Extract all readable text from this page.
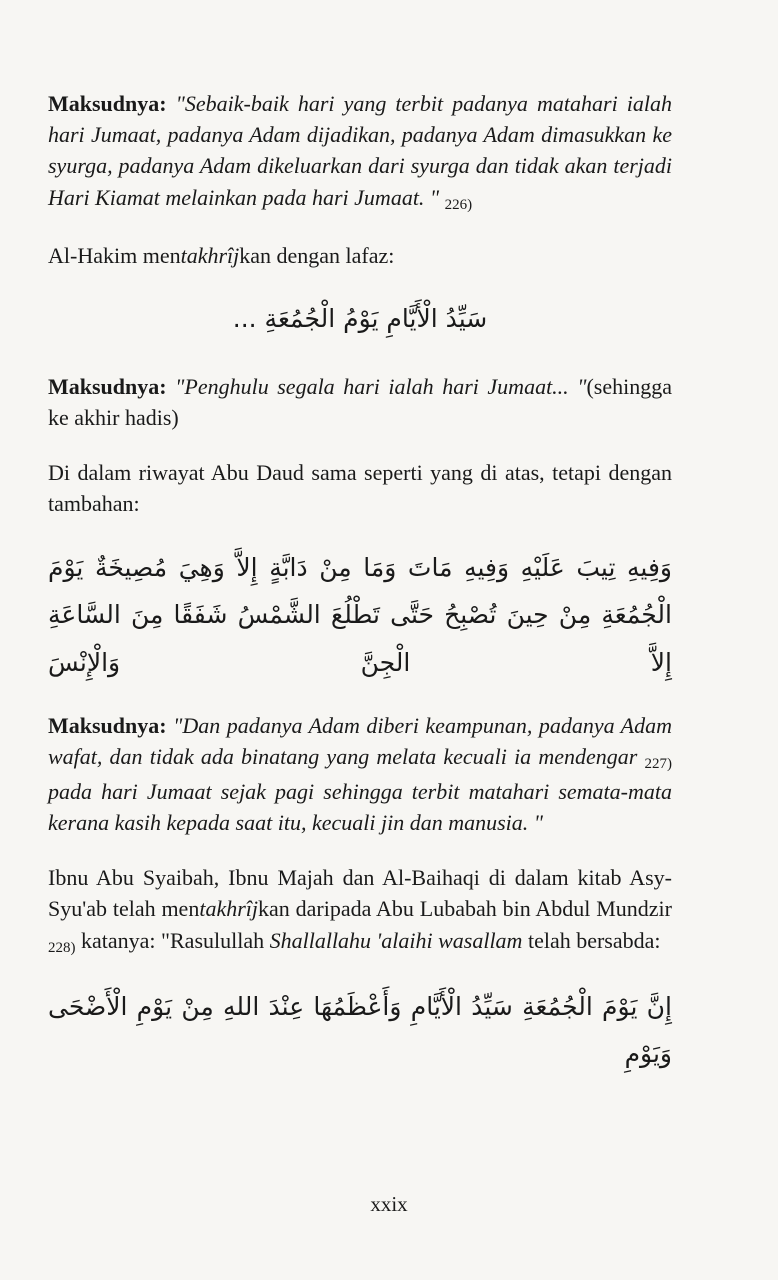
Maksudnya: "Sebaik-baik hari yang terbit padanya matahari ialah hari Jumaat, padanya Adam dijadikan, padanya Adam dimasukkan ke syurga, padanya Adam dikeluarkan dari syurga dan tidak akan terjadi Hari Kiamat melainkan pada hari Jumaat. " 226)

Al-Hakim mentakhrîjkan dengan lafaz:

سَيِّدُ الْأَيَّامِ يَوْمُ الْجُمُعَةِ ...

Maksudnya: "Penghulu segala hari ialah hari Jumaat... "(sehingga ke akhir hadis)

Di dalam riwayat Abu Daud sama seperti yang di atas, tetapi dengan tambahan:

وَفِيهِ تِيبَ عَلَيْهِ وَفِيهِ مَاتَ وَمَا مِنْ دَابَّةٍ إِلاَّ وَهِيَ مُصِيخَةٌ يَوْمَ الْجُمُعَةِ مِنْ حِينَ تُصْبِحُ حَتَّى تَطْلُعَ الشَّمْسُ شَفَقًا مِنَ السَّاعَةِ إِلاَّ الْجِنَّ وَالْإِنْسَ

Maksudnya: "Dan padanya Adam diberi keampunan, padanya Adam wafat, dan tidak ada binatang yang melata kecuali ia mendengar 227) pada hari Jumaat sejak pagi sehingga terbit matahari semata-mata kerana kasih kepada saat itu, kecuali jin dan manusia. "

Ibnu Abu Syaibah, Ibnu Majah dan Al-Baihaqi di dalam kitab Asy-Syu'ab telah mentakhrîjkan daripada Abu Lubabah bin Abdul Mundzir 228) katanya: "Rasulullah Shallallahu 'alaihi wasallam telah bersabda:

إِنَّ يَوْمَ الْجُمُعَةِ سَيِّدُ الْأَيَّامِ وَأَعْظَمُهَا عِنْدَ اللهِ مِنْ يَوْمِ الْأَضْحَى وَيَوْمِ
xxix
